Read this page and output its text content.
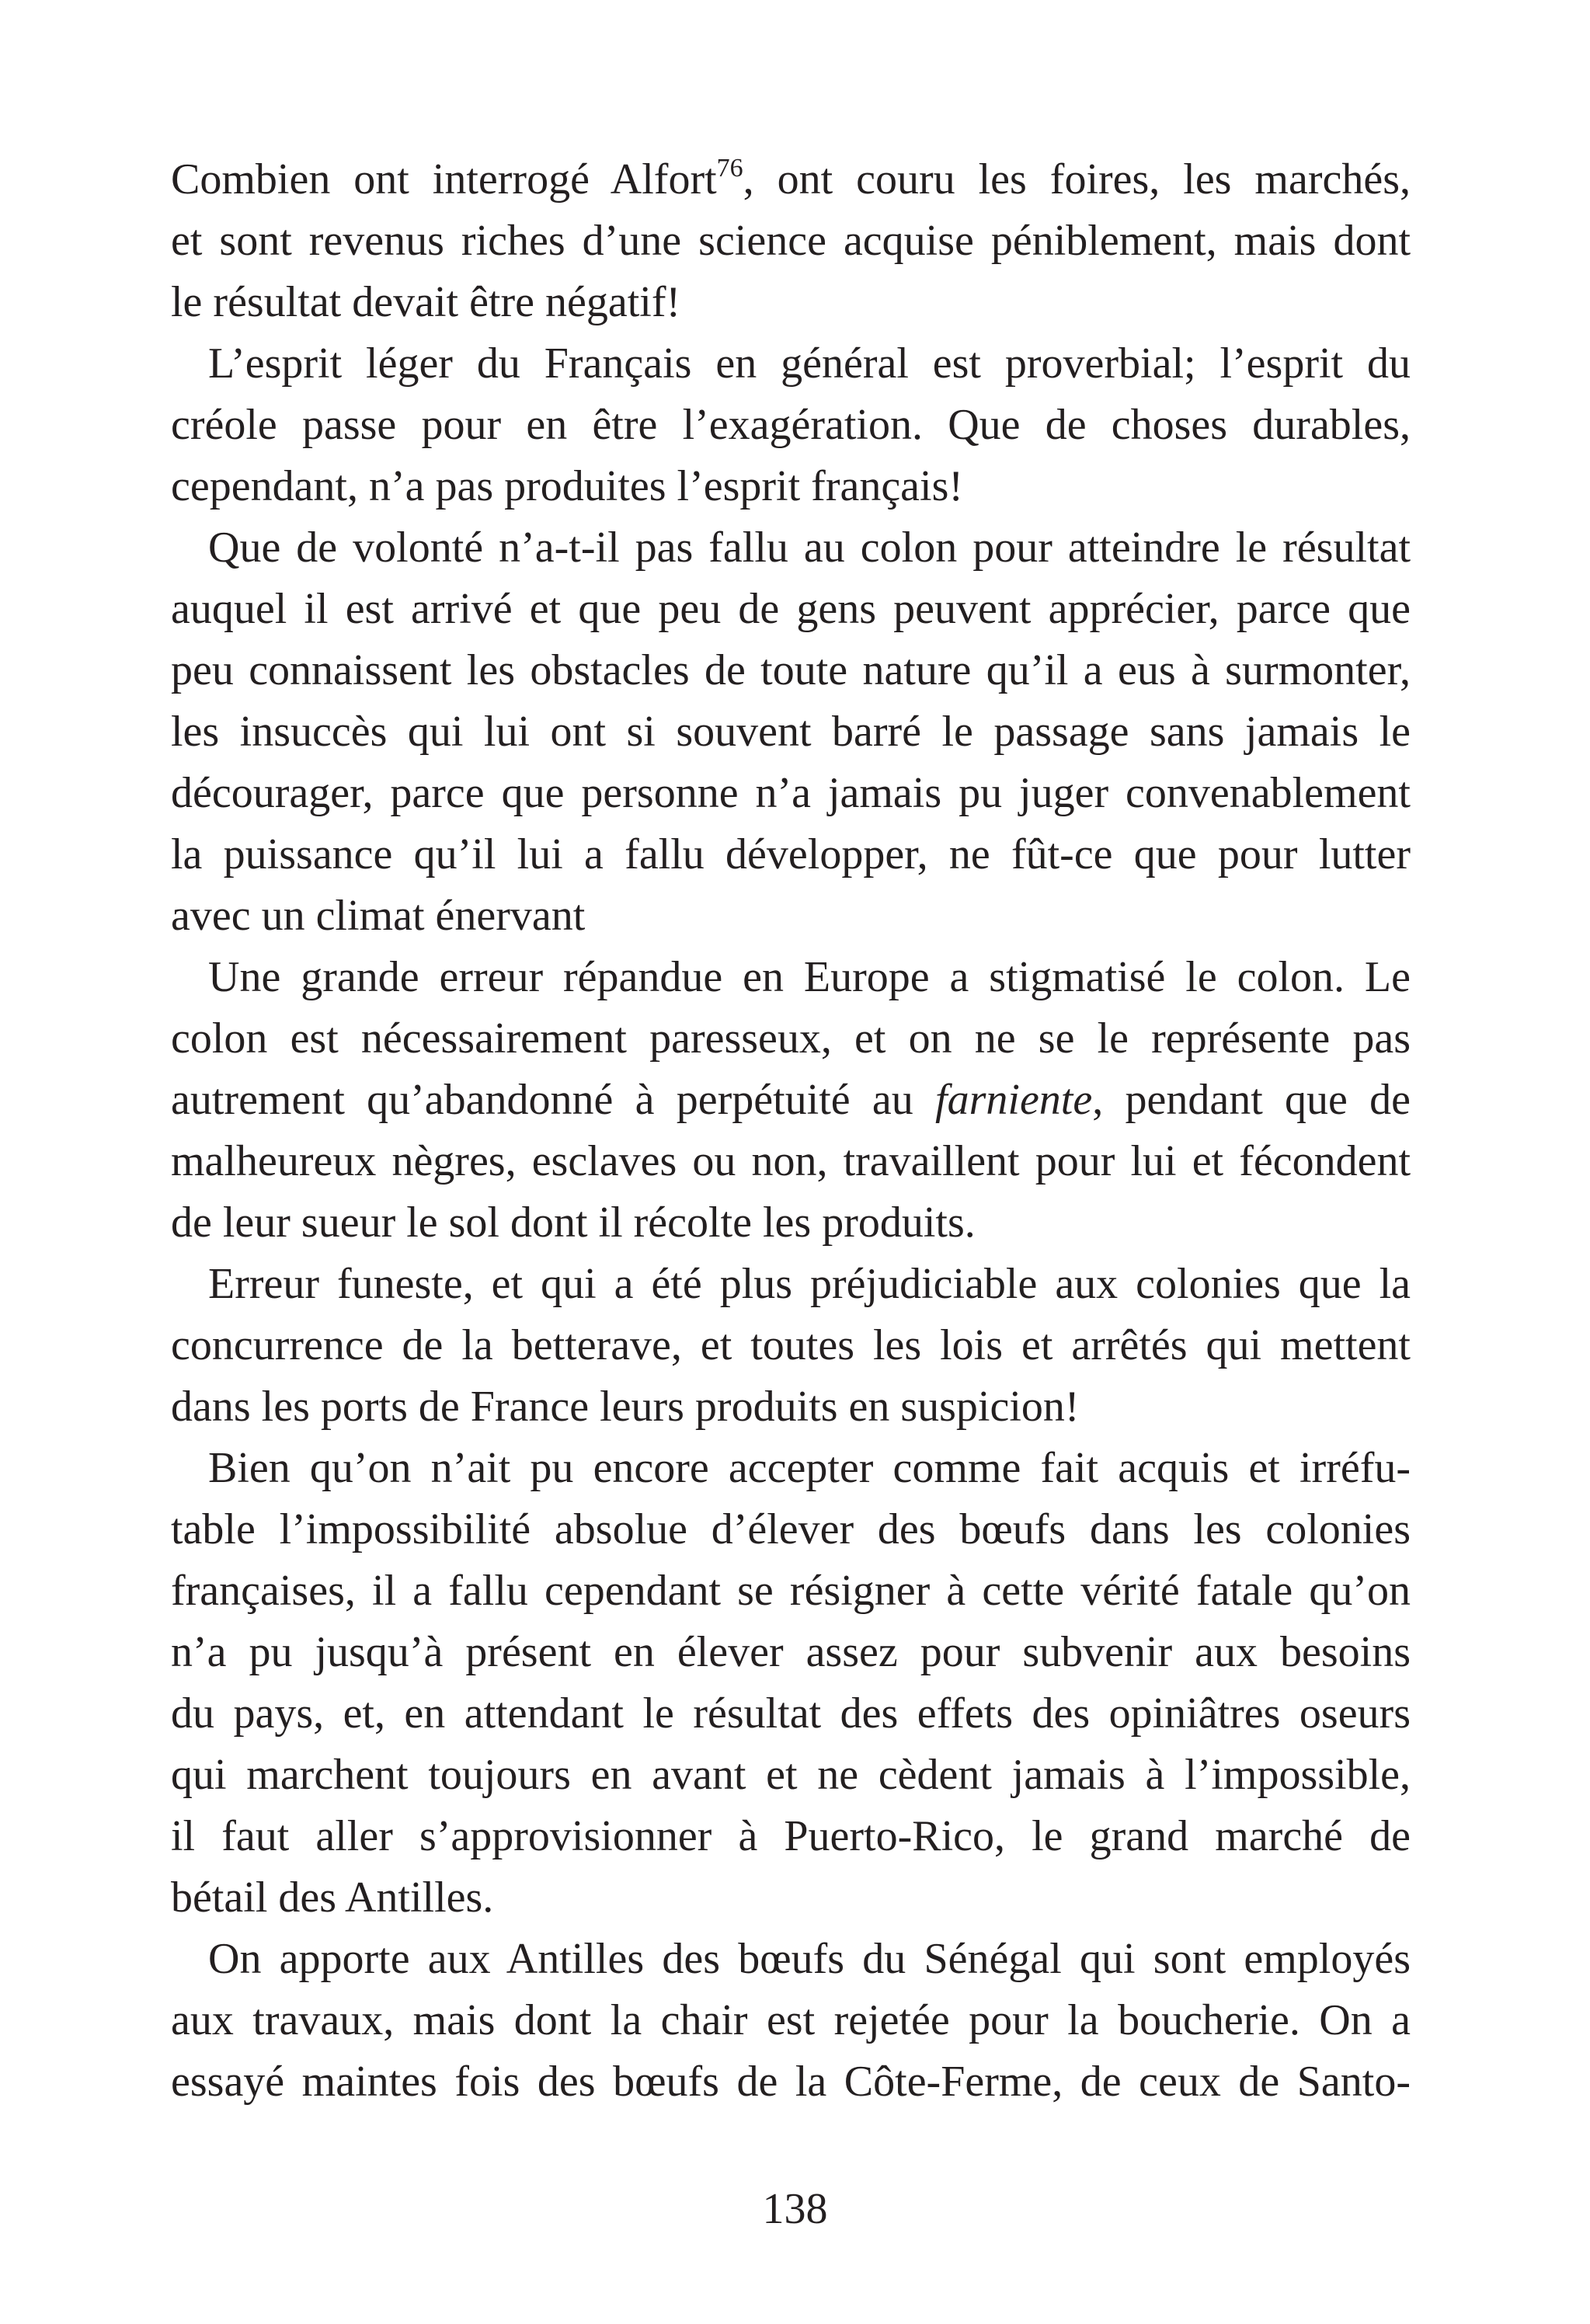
Combien ont interrogé Alfort$^{76}$, ont couru les foires, les marchés,
et sont revenus riches d’une science acquise péniblement, mais dont
le résultat devait être négatif!
L’esprit léger du Français en général est proverbial; l’esprit du
créole passe pour en être l’exagération. Que de choses durables,
cependant, n’a pas produites l’esprit français!
Que de volonté n’a-t-il pas fallu au colon pour atteindre le résultat
auquel il est arrivé et que peu de gens peuvent apprécier, parce que
peu connaissent les obstacles de toute nature qu’il a eus à surmonter,
les insuccès qui lui ont si souvent barré le passage sans jamais le
décourager, parce que personne n’a jamais pu juger convenablement
la puissance qu’il lui a fallu développer, ne fût-ce que pour lutter
avec un climat énervant
Une grande erreur répandue en Europe a stigmatisé le colon. Le
colon est nécessairement paresseux, et on ne se le représente pas
autrement qu’abandonné à perpétuité au farniente, pendant que de
malheureux nègres, esclaves ou non, travaillent pour lui et fécondent
de leur sueur le sol dont il récolte les produits.
Erreur funeste, et qui a été plus préjudiciable aux colonies que la
concurrence de la betterave, et toutes les lois et arrêtés qui mettent
dans les ports de France leurs produits en suspicion!
Bien qu’on n’ait pu encore accepter comme fait acquis et irréfu-
table l’impossibilité absolue d’élever des bœufs dans les colonies
françaises, il a fallu cependant se résigner à cette vérité fatale qu’on
n’a pu jusqu’à présent en élever assez pour subvenir aux besoins
du pays, et, en attendant le résultat des effets des opiniâtres oseurs
qui marchent toujours en avant et ne cèdent jamais à l’impossible,
il faut aller s’approvisionner à Puerto-Rico, le grand marché de
bétail des Antilles.
On apporte aux Antilles des bœufs du Sénégal qui sont employés
aux travaux, mais dont la chair est rejetée pour la boucherie. On a
essayé maintes fois des bœufs de la Côte-Ferme, de ceux de Santo-
138
